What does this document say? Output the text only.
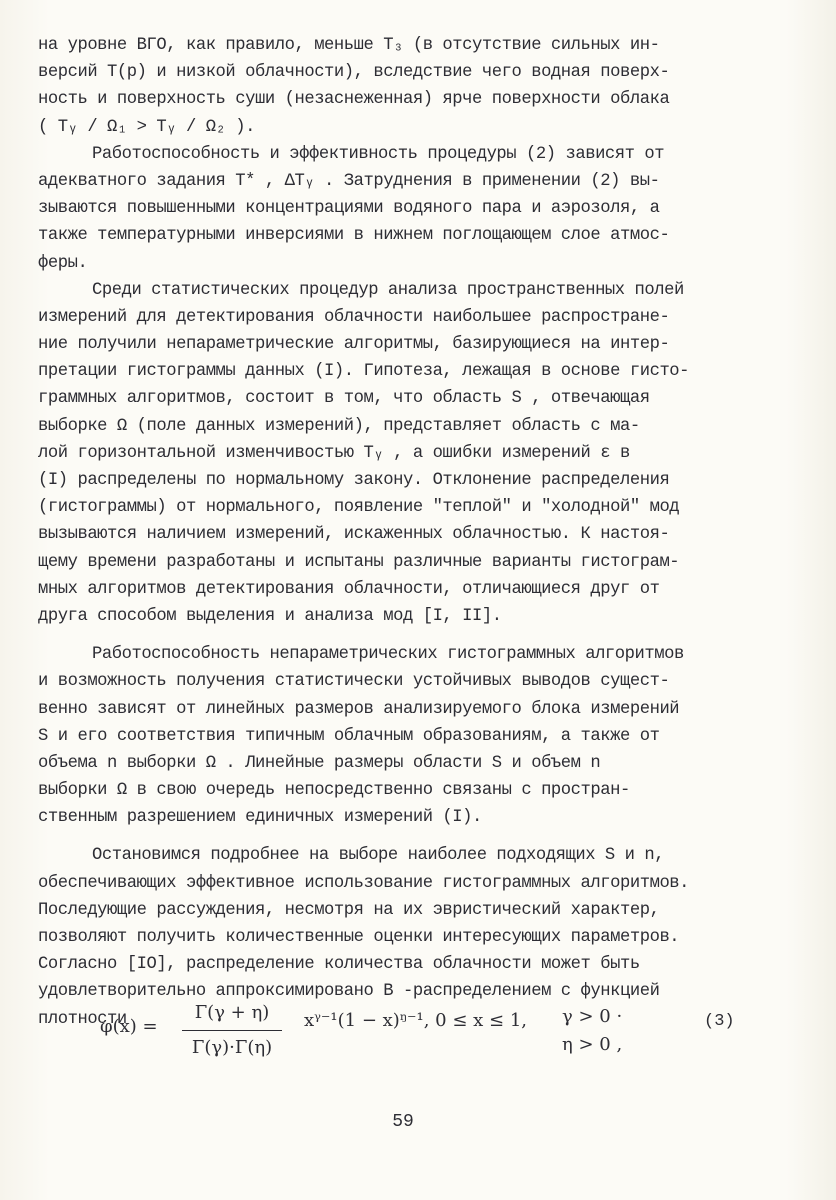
на уровне ВГО, как правило, меньше T₃ (в отсутствие сильных ин-
версий T(p) и низкой облачности), вследствие чего водная поверх-
ность и поверхность суши (незаснеженная) ярче поверхности облака
( Tᵧ / Ω₁ > Tᵧ / Ω₂ ).
Работоспособность и эффективность процедуры (2) зависят от
адекватного задания T* , ΔTᵧ . Затруднения в применении (2) вы-
зываются повышенными концентрациями водяного пара и аэрозоля, а
также температурными инверсиями в нижнем поглощающем слое атмос-
феры.
Среди статистических процедур анализа пространственных полей
измерений для детектирования облачности наибольшее распростране-
ние получили непараметрические алгоритмы, базирующиеся на интер-
претации гистограммы данных (I). Гипотеза, лежащая в основе гисто-
граммных алгоритмов, состоит в том, что область S , отвечающая
выборке Ω (поле данных измерений), представляет область с ма-
лой горизонтальной изменчивостью Tᵧ , а ошибки измерений ε в
(I) распределены по нормальному закону. Отклонение распределения
(гистограммы) от нормального, появление "теплой" и "холодной" мод
вызываются наличием измерений, искаженных облачностью. К настоя-
щему времени разработаны и испытаны различные варианты гистограм-
мных алгоритмов детектирования облачности, отличающиеся друг от
друга способом выделения и анализа мод [I, II].
Работоспособность непараметрических гистограммных алгоритмов
и возможность получения статистически устойчивых выводов сущест-
венно зависят от линейных размеров анализируемого блока измерений
S и его соответствия типичным облачным образованиям, а также от
объема n выборки Ω . Линейные размеры области S и объем n
выборки Ω в свою очередь непосредственно связаны с простран-
ственным разрешением единичных измерений (I).
Остановимся подробнее на выборе наиболее подходящих S и n,
обеспечивающих эффективное использование гистограммных алгоритмов.
Последующие рассуждения, несмотря на их эвристический характер,
позволяют получить количественные оценки интересующих параметров.
Согласно [IO], распределение количества облачности может быть
удовлетворительно аппроксимировано B -распределением с функцией
плотности
φ(x) =
Γ(γ + η)
Γ(γ)·Γ(η)
xᵞ⁻¹(1 − x)ᵑ⁻¹, 0 ≤ x ≤ 1, γ > 0 ·
η > 0 ,
(3)
59
